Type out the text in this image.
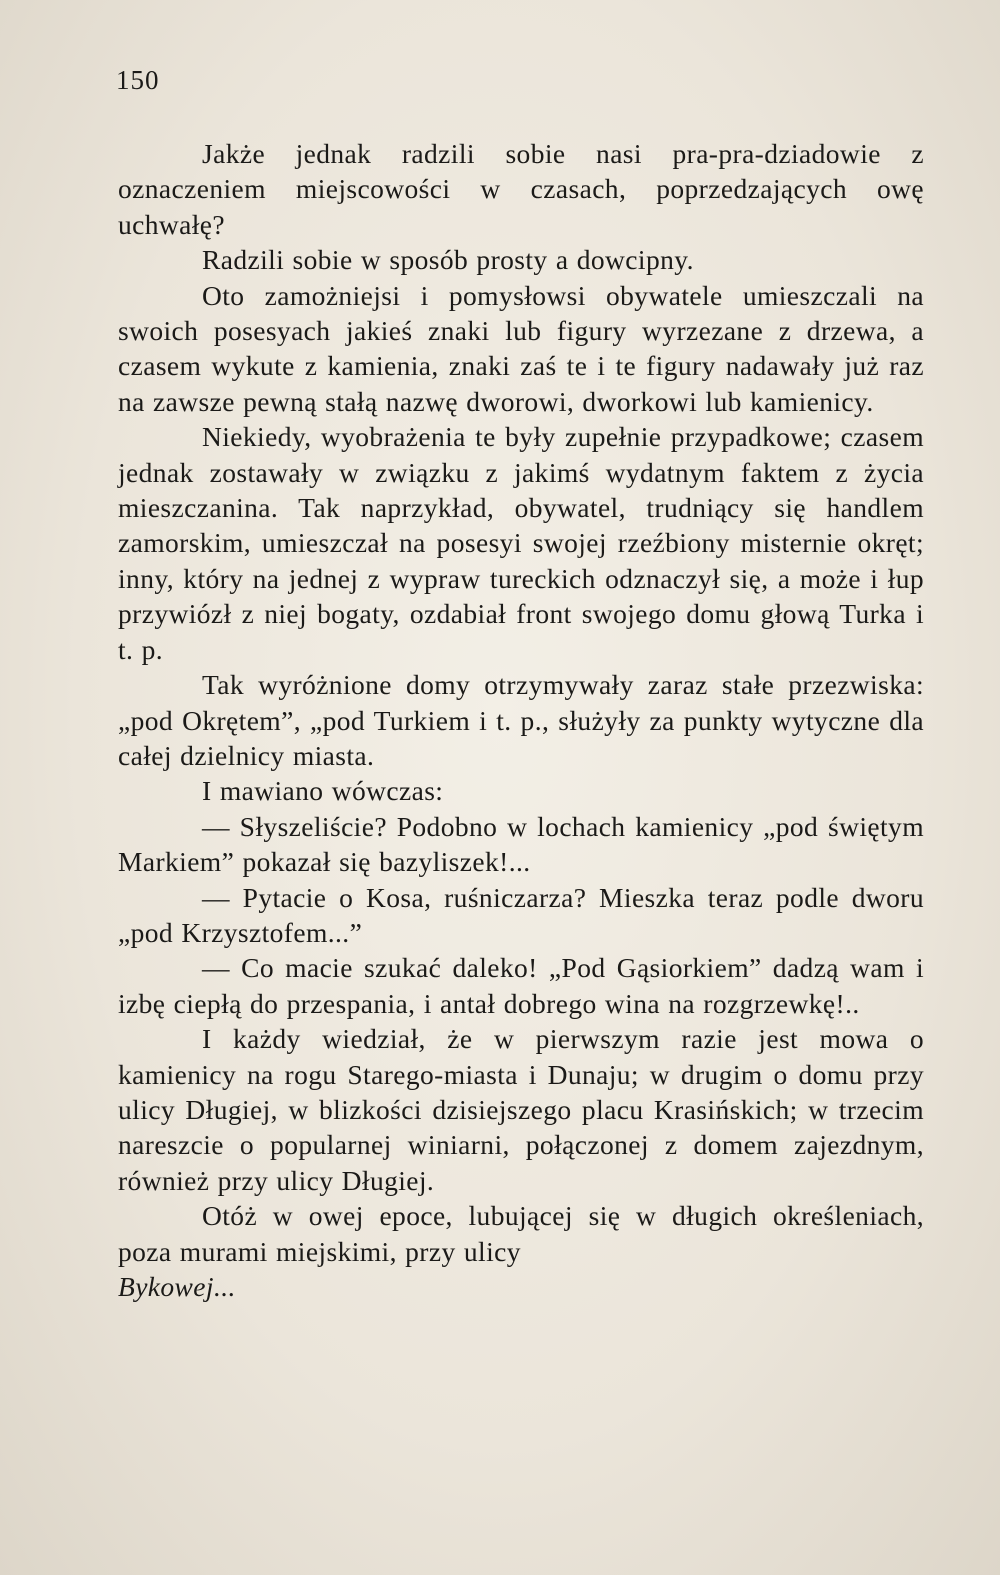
150

Jakże jednak radzili sobie nasi pra-pra-dziadowie z oznaczeniem miejscowości w czasach, poprzedzających owę uchwałę?

Radzili sobie w sposób prosty a dowcipny.

Oto zamożniejsi i pomysłowsi obywatele umieszczali na swoich posesyach jakieś znaki lub figury wyrzezane z drzewa, a czasem wykute z kamienia, znaki zaś te i te figury nadawały już raz na zawsze pewną stałą nazwę dworowi, dworkowi lub kamienicy.

Niekiedy, wyobrażenia te były zupełnie przypadkowe; czasem jednak zostawały w związku z jakimś wydatnym faktem z życia mieszczanina. Tak naprzykład, obywatel, trudniący się handlem zamorskim, umieszczał na posesyi swojej rzeźbiony misternie okręt; inny, który na jednej z wypraw tureckich odznaczył się, a może i łup przywiózł z niej bogaty, ozdabiał front swojego domu głową Turka i t. p.

Tak wyróżnione domy otrzymywały zaraz stałe przezwiska: „pod Okrętem”, „pod Turkiem i t. p., służyły za punkty wytyczne dla całej dzielnicy miasta.

I mawiano wówczas:

— Słyszeliście? Podobno w lochach kamienicy „pod świętym Markiem” pokazał się bazyliszek!...

— Pytacie o Kosa, ruśniczarza? Mieszka teraz podle dworu „pod Krzysztofem...”

— Co macie szukać daleko! „Pod Gąsiorkiem” dadzą wam i izbę ciepłą do przespania, i antał dobrego wina na rozgrzewkę!..

I każdy wiedział, że w pierwszym razie jest mowa o kamienicy na rogu Starego-miasta i Dunaju; w drugim o domu przy ulicy Długiej, w blizkości dzisiejszego placu Krasińskich; w trzecim nareszcie o popularnej winiarni, połączonej z domem zajezdnym, również przy ulicy Długiej.

Otóż w owej epoce, lubującej się w długich określeniach, poza murami miejskimi, przy ulicy

Bykowej...
